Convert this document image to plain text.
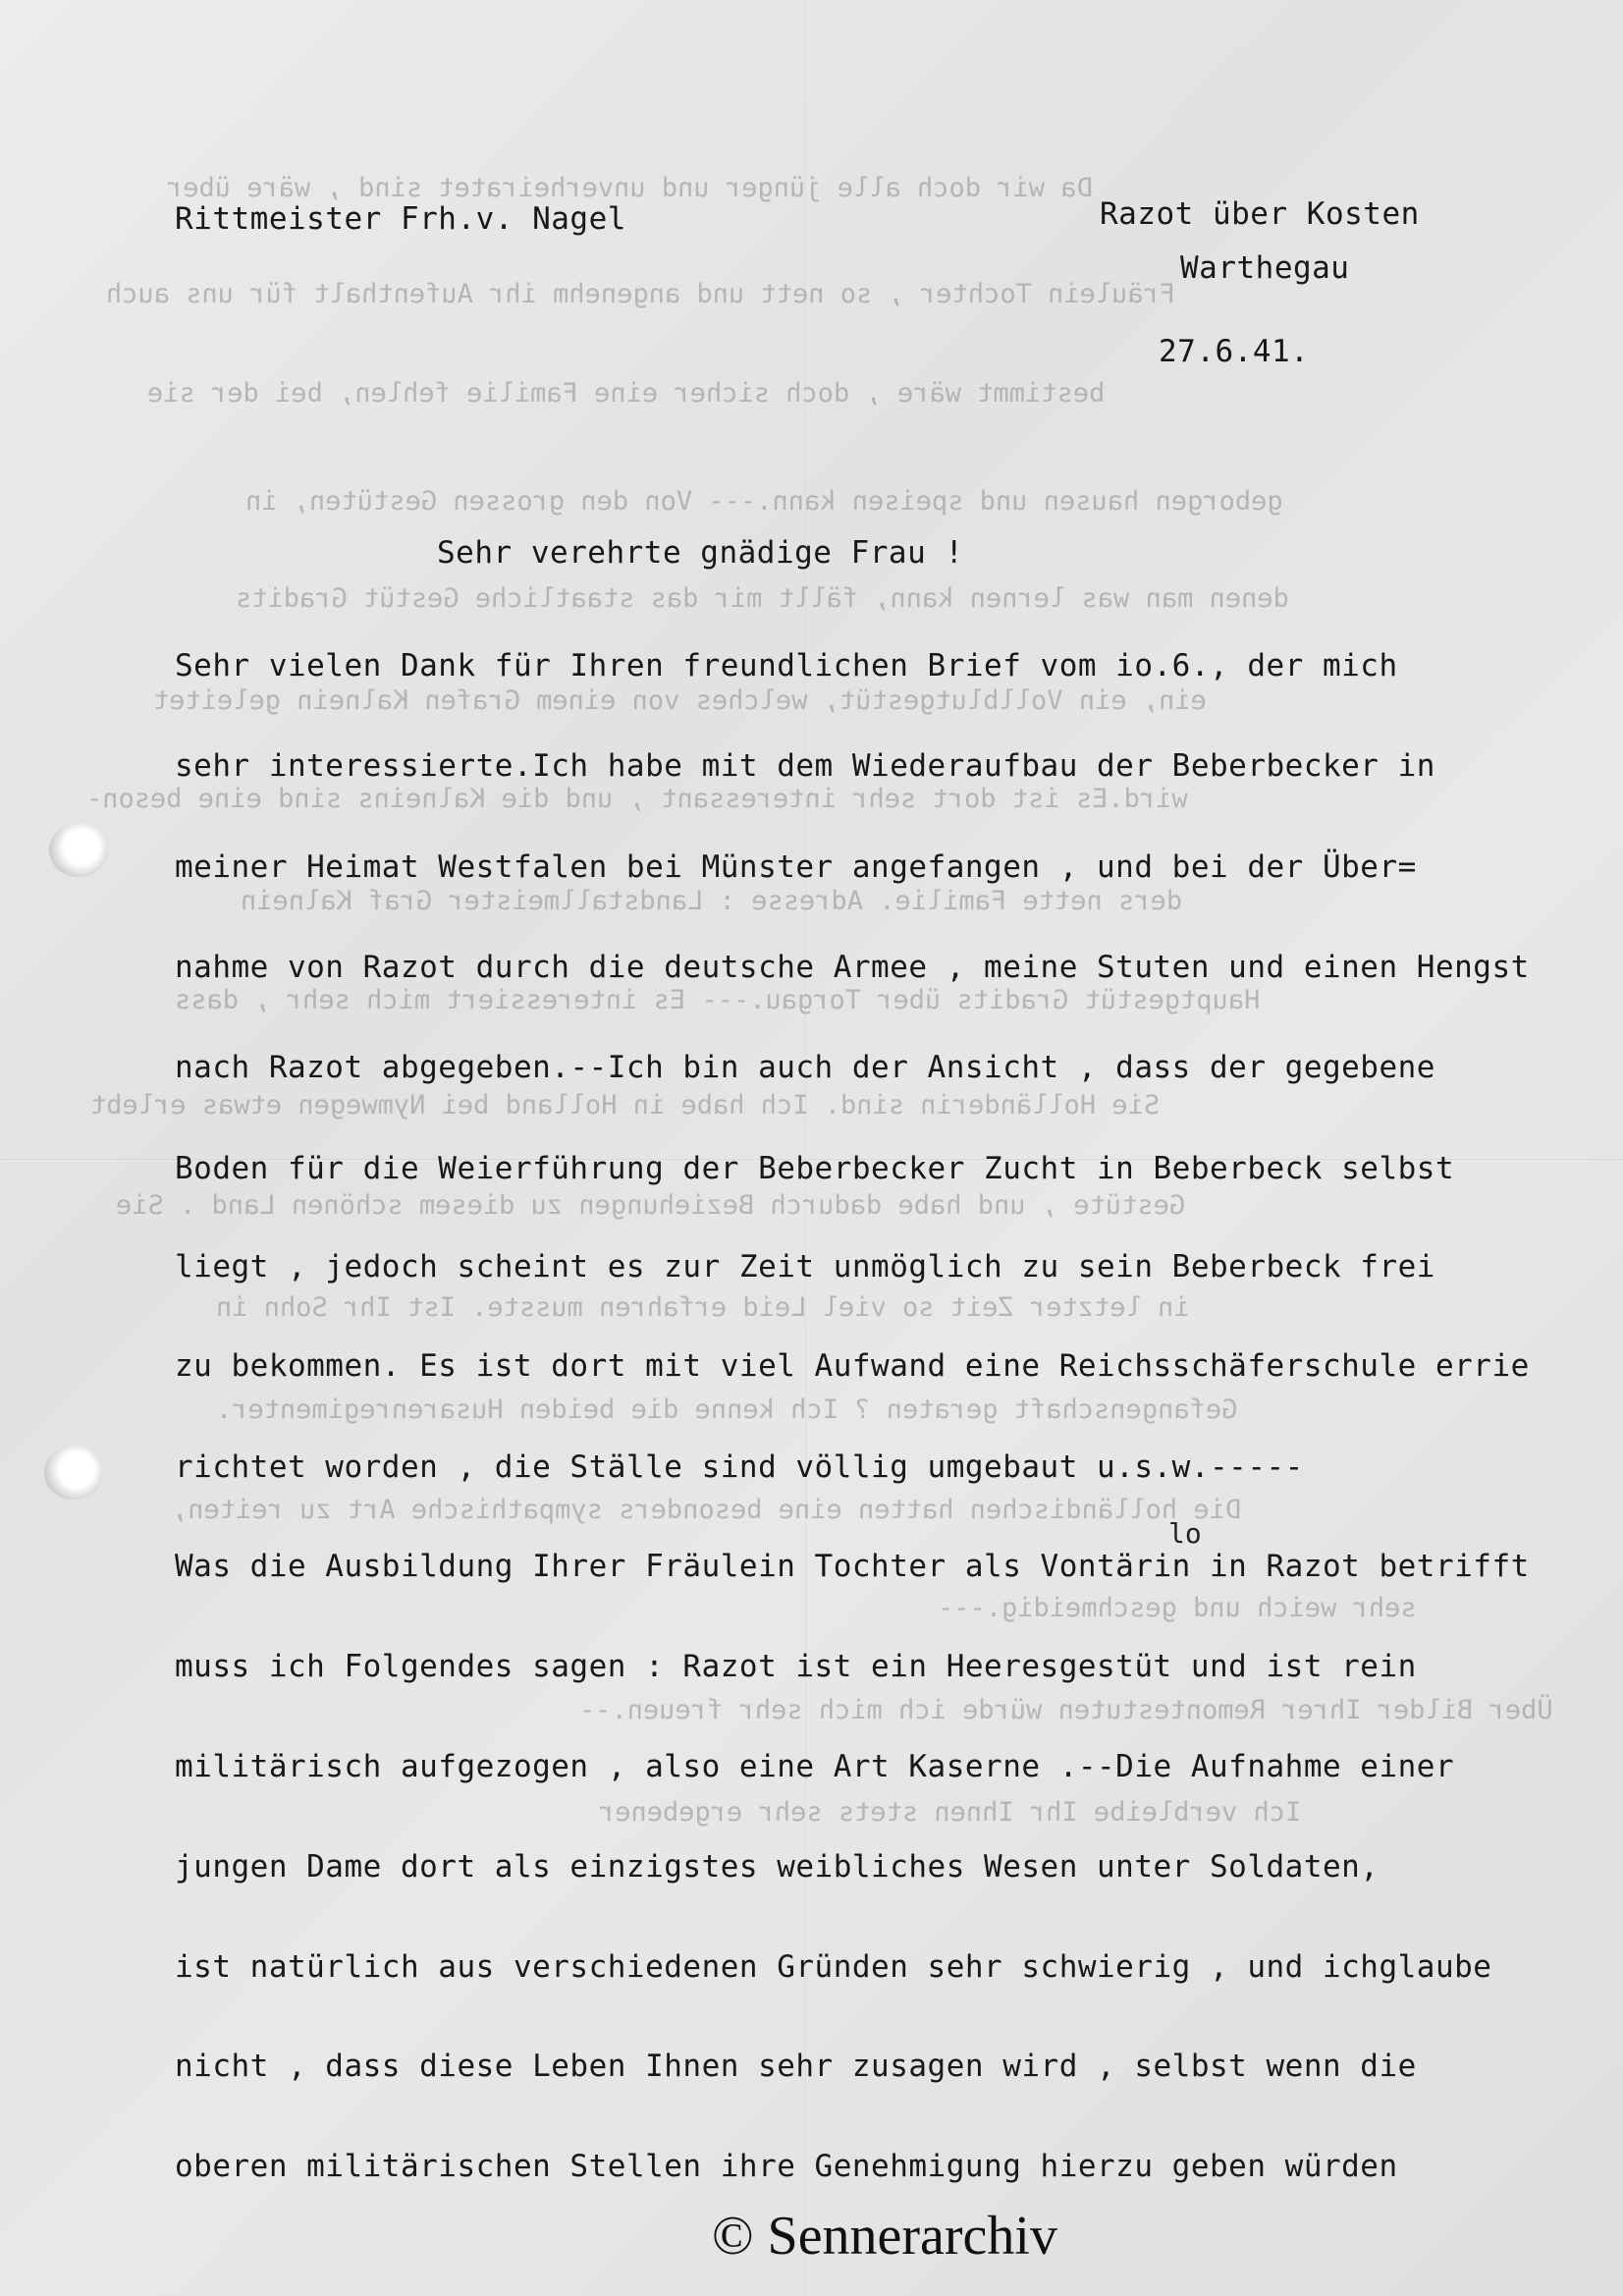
Da wir doch alle jünger und unverheiratet sind , wäre über
Fräulein Tochter , so nett und angenehm ihr Aufenthalt für uns auch
bestimmt wäre , doch sicher eine Familie fehlen, bei der sie
geborgen hausen und speisen kann.--- Von den grossen Gestüten, in
denen man was lernen kann, fällt mir das staatliche Gestüt Gradits
ein, ein Vollblutgestüt, welches von einem Grafen Kalnein geleitet
wird.Es ist dort sehr interessant , und die Kalneins sind eine beson-
ders nette Familie. Adresse : Landstallmeister Graf Kalnein
Hauptgestüt Gradits über Torgau.--- Es interessiert mich sehr , dass
Sie Holländerin sind. Ich habe in Holland bei Nymwegen etwas erlebt
Gestüte , und habe dadurch Beziehungen zu diesem schönen Land . Sie
in letzter Zeit so viel Leid erfahren musste. Ist Ihr Sohn in
Gefangenschaft geraten ? Ich kenne die beiden Husarenregimenter.
Die holländischen hatten eine besonders sympathische Art zu reiten,
sehr weich und geschmeidig.---
Über Bilder Ihrer Remontestuten würde ich mich sehr freuen.--
Ich verbleibe Ihr Ihnen stets sehr ergebener
Rittmeister Frh.v. Nagel	Razot über Kosten
Warthegau
27.6.41.
Sehr verehrte gnädige Frau !
Sehr vielen Dank für Ihren freundlichen Brief vom io.6., der mich
sehr interessierte.Ich habe mit dem Wiederaufbau der Beberbecker in
meiner Heimat Westfalen bei Münster angefangen , und bei der Über=
nahme von Razot durch die deutsche Armee , meine Stuten und einen Hengst
nach Razot abgegeben.--Ich bin auch der Ansicht , dass der gegebene
Boden für die Weierführung der Beberbecker Zucht in Beberbeck selbst
liegt , jedoch scheint es zur Zeit unmöglich zu sein Beberbeck frei
zu bekommen. Es ist dort mit viel Aufwand eine Reichsschäferschule errie
richtet worden , die Ställe sind völlig umgebaut u.s.w.-----
lo
Was die Ausbildung Ihrer Fräulein Tochter als Vontärin in Razot betrifft
muss ich Folgendes sagen : Razot ist ein Heeresgestüt und ist rein
militärisch aufgezogen , also eine Art Kaserne .--Die Aufnahme einer
jungen Dame dort als einzigstes weibliches Wesen unter Soldaten,
ist natürlich aus verschiedenen Gründen sehr schwierig , und ichglaube
nicht , dass diese Leben Ihnen sehr zusagen wird , selbst wenn die
oberen militärischen Stellen ihre Genehmigung hierzu geben würden
© Sennerarchiv
